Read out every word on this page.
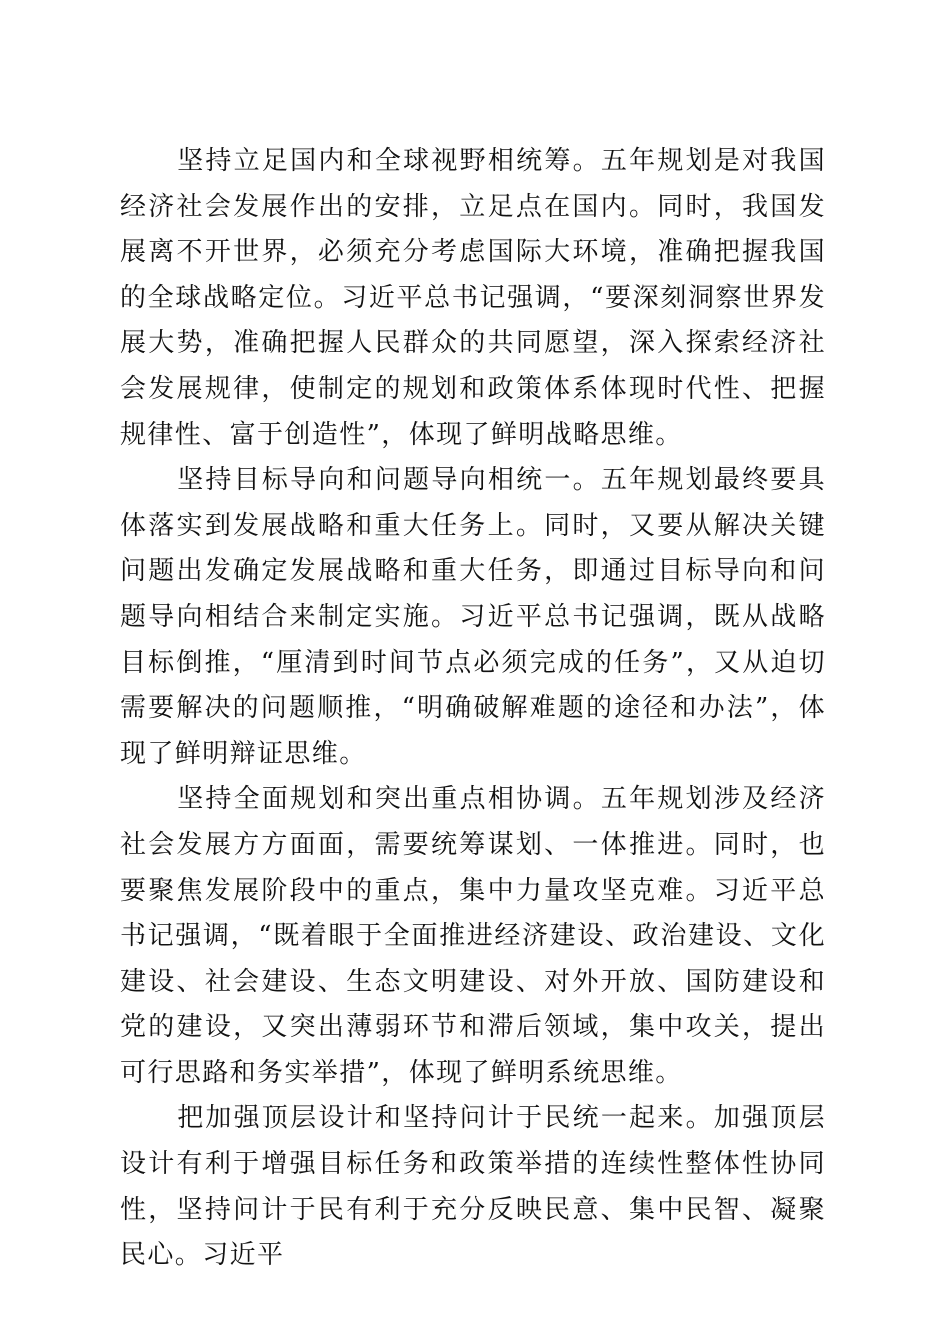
坚持立足国内和全球视野相统筹。五年规划是对我国经济社会发展作出的安排，立足点在国内。同时，我国发展离不开世界，必须充分考虑国际大环境，准确把握我国的全球战略定位。习近平总书记强调，“要深刻洞察世界发展大势，准确把握人民群众的共同愿望，深入探索经济社会发展规律，使制定的规划和政策体系体现时代性、把握规律性、富于创造性”，体现了鲜明战略思维。

坚持目标导向和问题导向相统一。五年规划最终要具体落实到发展战略和重大任务上。同时，又要从解决关键问题出发确定发展战略和重大任务，即通过目标导向和问题导向相结合来制定实施。习近平总书记强调，既从战略目标倒推，“厘清到时间节点必须完成的任务”，又从迫切需要解决的问题顺推，“明确破解难题的途径和办法”，体现了鲜明辩证思维。

坚持全面规划和突出重点相协调。五年规划涉及经济社会发展方方面面，需要统筹谋划、一体推进。同时，也要聚焦发展阶段中的重点，集中力量攻坚克难。习近平总书记强调，“既着眼于全面推进经济建设、政治建设、文化建设、社会建设、生态文明建设、对外开放、国防建设和党的建设，又突出薄弱环节和滞后领域，集中攻关，提出可行思路和务实举措”，体现了鲜明系统思维。

把加强顶层设计和坚持问计于民统一起来。加强顶层设计有利于增强目标任务和政策举措的连续性整体性协同性，坚持问计于民有利于充分反映民意、集中民智、凝聚民心。习近平
